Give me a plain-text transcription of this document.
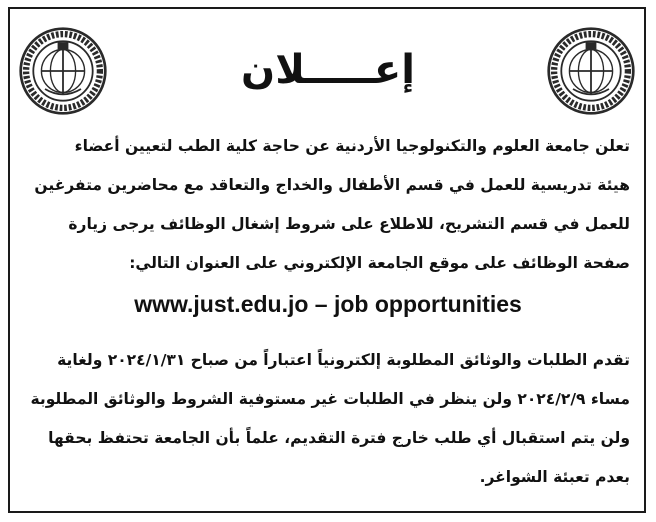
إعـــــلان
تعلن جامعة العلوم والتكنولوجيا الأردنية عن حاجة كلية الطب لتعيين أعضاء
هيئة تدريسية للعمل في قسم الأطفال والخداج والتعاقد مع محاضرين متفرغين
للعمل في قسم التشريح، للاطلاع على شروط إشغال الوظائف يرجى زيارة
صفحة الوظائف على موقع الجامعة الإلكتروني على العنوان التالي:
www.just.edu.jo – job opportunities
تقدم الطلبات والوثائق المطلوبة إلكترونياً اعتباراً من صباح ٢٠٢٤/١/٣١ ولغاية
مساء ٢٠٢٤/٢/٩ ولن ينظر في الطلبات غير مستوفية الشروط والوثائق المطلوبة
ولن يتم استقبال أي طلب خارج فترة التقديم، علماً بأن الجامعة تحتفظ بحقها
بعدم تعبئة الشواغر.
